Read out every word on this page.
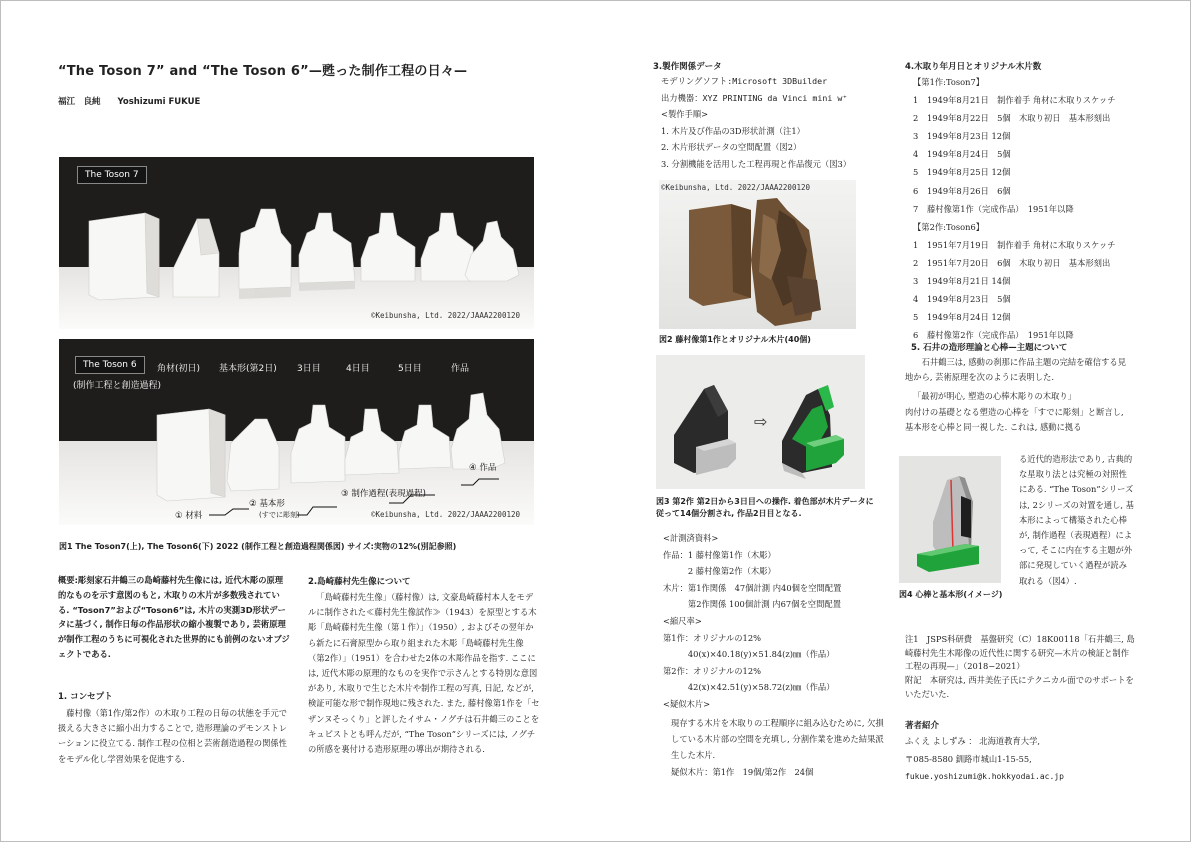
“The Toson 7” and “The Toson 6”—甦った制作工程の日々—
福江　良純 Yoshizumi FUKUE
The Toson 7
©Keibunsha, Ltd. 2022/JAAA2200120
The Toson 6
(制作工程と創造過程)
角材(初日) 基本形(第2日) 3日目	4日目	5日目	作品
① 材料
② 基本形
(すでに彫刻)
③ 制作過程(表現過程)
④ 作品
©Keibunsha, Ltd. 2022/JAAA2200120
図1 The Toson7(上), The Toson6(下) 2022 (制作工程と創造過程関係図) サイズ:実物の12%(別記参照)
概要:彫刻家石井鶴三の島崎藤村先生像には, 近代木彫の原理的なものを示す意図のもと, 木取りの木片が多数残されている. “Toson7”および“Toson6”は, 木片の実測3D形状データに基づく, 制作日毎の作品形状の縮小複製であり, 芸術原理が制作工程のうちに可視化された世界的にも前例のないオブジェクトである.
1. コンセプト
藤村像（第1作/第2作）の木取り工程の日毎の状態を手元で扱える大きさに縮小出力することで, 造形理論のデモンストレーションに役立てる. 制作工程の位相と芸術創造過程の関係性をモデル化し学習効果を促進する.
2.島崎藤村先生像について
「島崎藤村先生像」（藤村像）は, 文豪島崎藤村本人をモデルに制作された≪藤村先生像試作≫（1943）を原型とする木彫「島崎藤村先生像（第１作）」（1950）, およびその翌年から新たに石膏原型から取り組まれた木彫「島崎藤村先生像（第2作）」（1951）を合わせた2体の木彫作品を指す. ここには, 近代木彫の原理的なものを実作で示さんとする特別な意図があり, 木取りで生じた木片や制作工程の写真, 日記, などが, 検証可能な形で制作現地に残された. また, 藤村像第1作を「セザンヌそっくり」と評したイサム・ノグチは石井鶴三のことをキュビストとも呼んだが, “The Toson”シリーズには, ノグチの所感を裏付ける造形原理の導出が期待される.
3.製作関係データ
モデリングソフト:Microsoft 3DBuilder
出力機器：XYZ PRINTING da Vinci mini w⁺
<製作手順>
1. 木片及び作品の3D形状計測（注1）
2. 木片形状データの空間配置（図2）
3. 分割機能を活用した工程再現と作品復元（図3）
©Keibunsha, Ltd. 2022/JAAA2200120
図2 藤村像第1作とオリジナル木片(40個)
⇨
図3 第2作 第2日から3日目への操作. 着色部が木片データに従って14個分割され, 作品2日目となる.
<計測済資料>
作品：1 藤村像第1作（木彫）
　　　2 藤村像第2作（木彫）
木片：第1作関係　47個計測 内40個を空間配置
　　　第2作関係 100個計測 内67個を空間配置
<縮尺率>
第1作：オリジナルの12%
　　　40(x)×40.18(y)×51.84(z)㎜（作品）
第2作：オリジナルの12%
　　　42(x)×42.51(y)×58.72(z)㎜（作品）
<疑似木片>
現存する木片を木取りの工程順序に組み込むために, 欠損している木片部の空間を充填し, 分割作業を進めた結果派生した木片.
疑似木片：第1作　19個/第2作　24個
4.木取り年月日とオリジナル木片数
【第1作:Toson7】
1 1949年8月21日　制作着手 角材に木取りスケッチ
2 1949年8月22日　5個　木取り初日　基本形刻出
3 1949年8月23日 12個
4 1949年8月24日　5個
5 1949年8月25日 12個
6 1949年8月26日　6個
7 藤村像第1作（完成作品）　1951年以降
【第2作:Toson6】
1 1951年7月19日　制作着手 角材に木取りスケッチ
2 1951年7月20日　6個　木取り初日　基本形刻出
3 1949年8月21日 14個
4 1949年8月23日　5個
5 1949年8月24日 12個
6 藤村像第2作（完成作品）　1951年以降
5. 石井の造形理論と心棒—主題について
石井鶴三は, 感動の刹那に作品主題の完結を確信する見地から, 芸術原理を次のように表明した.
「最初が明心, 塑造の心棒木彫りの木取り」
肉付けの基礎となる塑造の心棒を「すでに彫刻」と断言し, 基本形を心棒と同一視した. これは, 感動に拠る
る近代的造形法であり, 古典的な星取り法とは究極の対照性にある. “The Toson”シリーズは, 2シリーズの対置を通し, 基本形によって構築された心棒が, 制作過程（表現過程）によって, そこに内在する主題が外部に発現していく過程が読み取れる（図4）.
図4 心棒と基本形(イメージ)
注1　JSPS科研費　基盤研究（C）18K00118「石井鶴三, 島崎藤村先生木彫像の近代性に関する研究—木片の検証と制作工程の再現—」（2018−2021）
附記　本研究は, 西井美佐子氏にテクニカル面でのサポートをいただいた.
著者紹介
ふくえ よしずみ ： 北海道教育大学,
〒085-8580 釧路市城山1-15-55,
fukue.yoshizumi@k.hokkyodai.ac.jp
